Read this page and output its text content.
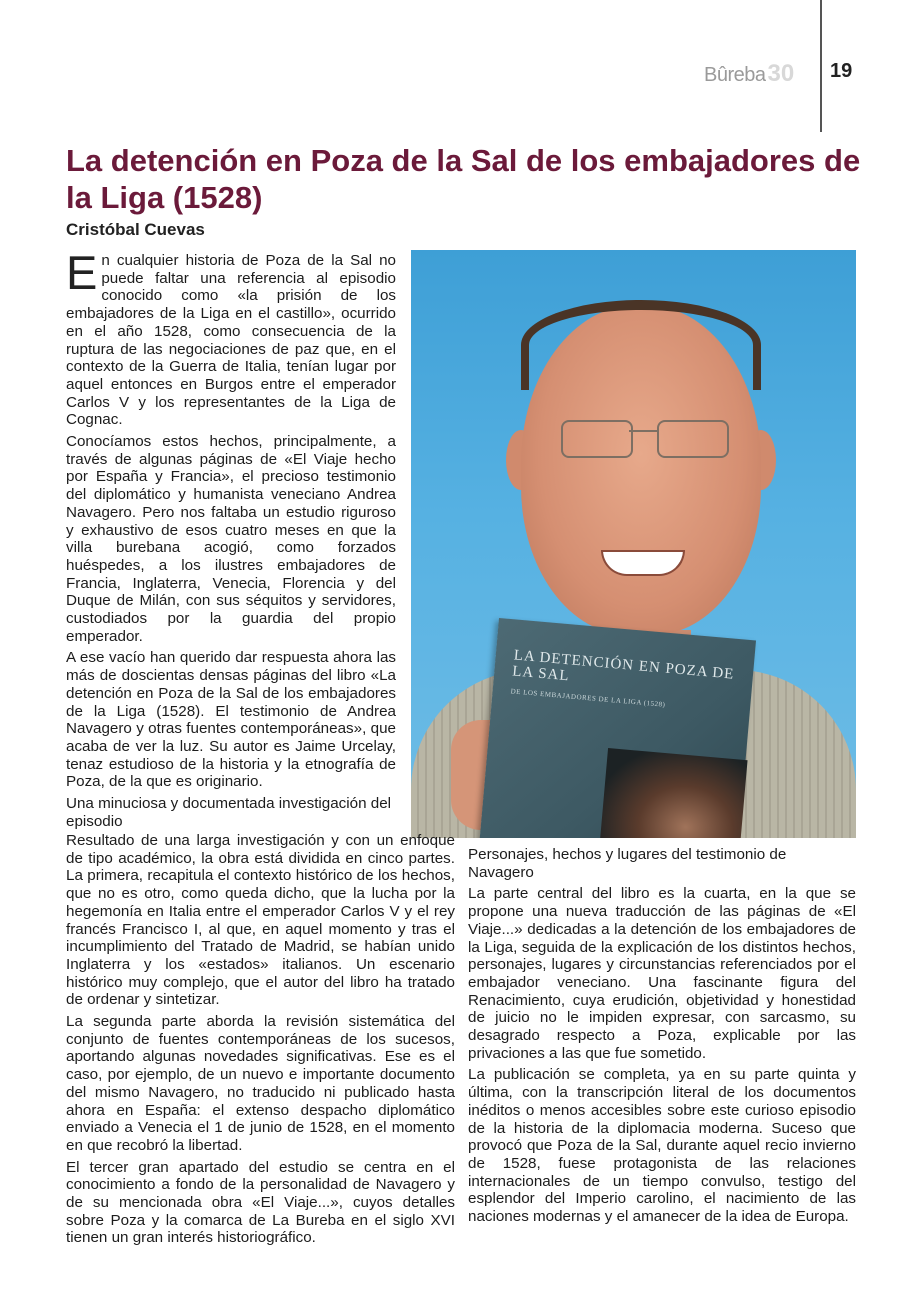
Bûreba 30 19
La detención en Poza de la Sal de los embajadores de la Liga (1528)
Cristóbal Cuevas

En cualquier historia de Poza de la Sal no puede faltar una referencia al episodio conocido como «la prisión de los embajadores de la Liga en el castillo», ocurrido en el año 1528, como consecuencia de la ruptura de las negociaciones de paz que, en el contexto de la Guerra de Italia, tenían lugar por aquel entonces en Burgos entre el emperador Carlos V y los representantes de la Liga de Cognac.

Conocíamos estos hechos, principalmente, a través de algunas páginas de «El Viaje hecho por España y Francia», el precioso testimonio del diplomático y humanista veneciano Andrea Navagero. Pero nos faltaba un estudio riguroso y exhaustivo de esos cuatro meses en que la villa burebana acogió, como forzados huéspedes, a los ilustres embajadores de Francia, Inglaterra, Venecia, Florencia y del Duque de Milán, con sus séquitos y servidores, custodiados por la guardia del propio emperador.

A ese vacío han querido dar respuesta ahora las más de doscientas densas páginas del libro «La detención en Poza de la Sal de los embajadores de la Liga (1528). El testimonio de Andrea Navagero y otras fuentes contemporáneas», que acaba de ver la luz. Su autor es Jaime Urcelay, tenaz estudioso de la historia y la etnografía de Poza, de la que es originario.

Una minuciosa y documentada investigación del episodio

LA DETENCIÓN EN POZA DE LA SAL
DE LOS EMBAJADORES DE LA LIGA (1528)

Resultado de una larga investigación y con un enfoque de tipo académico, la obra está dividida en cinco partes. La primera, recapitula el contexto histórico de los hechos, que no es otro, como queda dicho, que la lucha por la hegemonía en Italia entre el emperador Carlos V y el rey francés Francisco I, al que, en aquel momento y tras el incumplimiento del Tratado de Madrid, se habían unido Inglaterra y los «estados» italianos. Un escenario histórico muy complejo, que el autor del libro ha tratado de ordenar y sintetizar.

La segunda parte aborda la revisión sistemática del conjunto de fuentes contemporáneas de los sucesos, aportando algunas novedades significativas. Ese es el caso, por ejemplo, de un nuevo e importante documento del mismo Navagero, no traducido ni publicado hasta ahora en España: el extenso despacho diplomático enviado a Venecia el 1 de junio de 1528, en el momento en que recobró la libertad.

El tercer gran apartado del estudio se centra en el conocimiento a fondo de la personalidad de Navagero y de su mencionada obra «El Viaje...», cuyos detalles sobre Poza y la comarca de La Bureba en el siglo XVI tienen un gran interés historiográfico.

Personajes, hechos y lugares del testimonio de Navagero

La parte central del libro es la cuarta, en la que se propone una nueva traducción de las páginas de «El Viaje...» dedicadas a la detención de los embajadores de la Liga, seguida de la explicación de los distintos hechos, personajes, lugares y circunstancias referenciados por el embajador veneciano. Una fascinante figura del Renacimiento, cuya erudición, objetividad y honestidad de juicio no le impiden expresar, con sarcasmo, su desagrado respecto a Poza, explicable por las privaciones a las que fue sometido.

La publicación se completa, ya en su parte quinta y última, con la transcripción literal de los documentos inéditos o menos accesibles sobre este curioso episodio de la historia de la diplomacia moderna. Suceso que provocó que Poza de la Sal, durante aquel recio invierno de 1528, fuese protagonista de las relaciones internacionales de un tiempo convulso, testigo del esplendor del Imperio carolino, el nacimiento de las naciones modernas y el amanecer de la idea de Europa.
